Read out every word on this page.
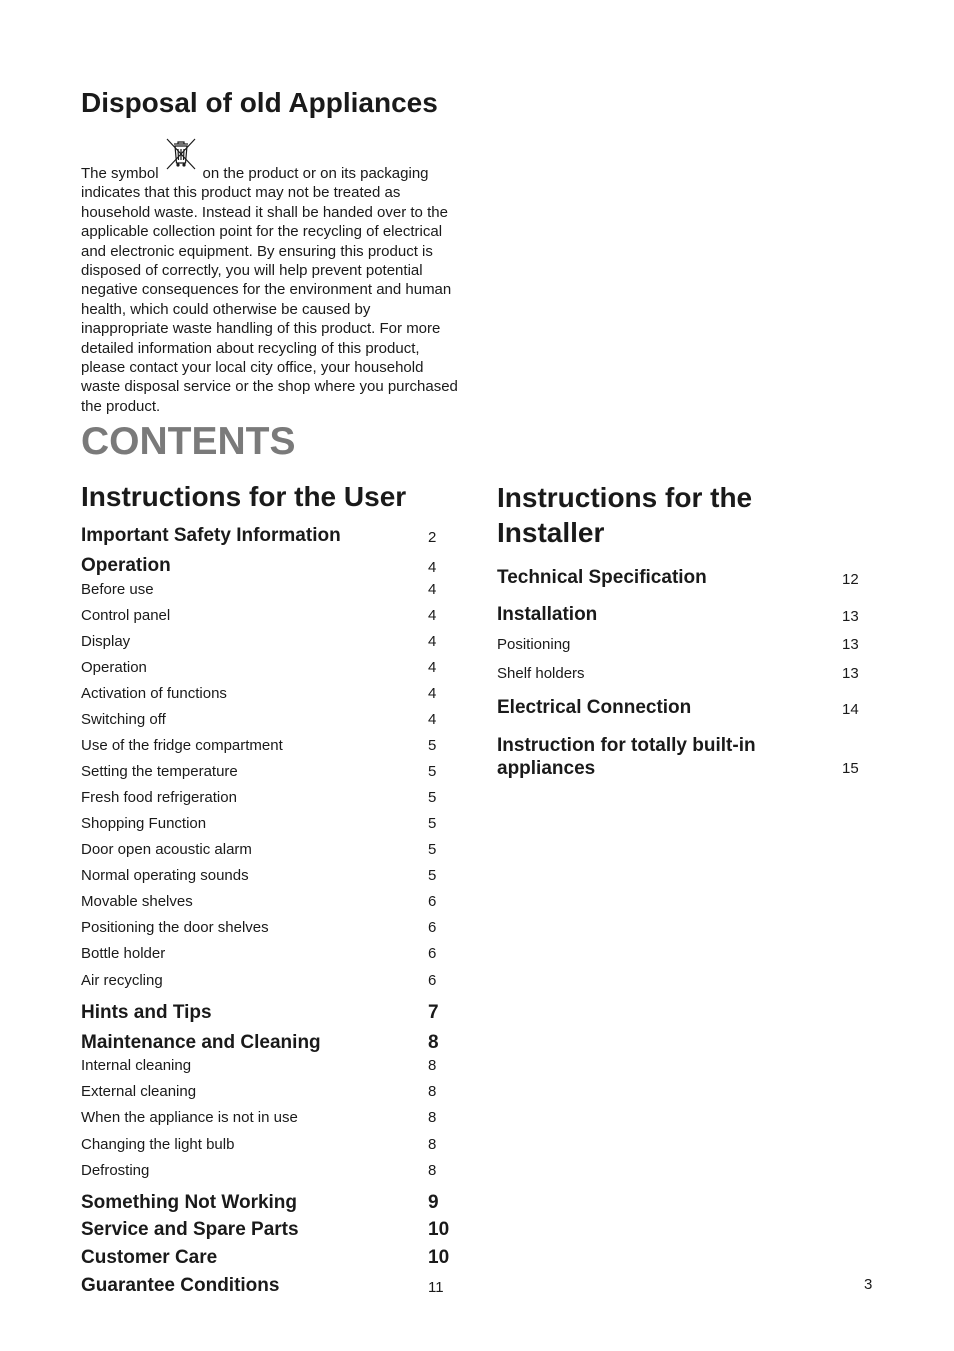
Disposal of old Appliances

The symbol	on the product or on its packaging indicates that this product may not be treated as household waste. Instead it shall be handed over to the applicable collection point for the recycling of electrical and electronic equipment. By ensuring this product is disposed of correctly, you will help prevent potential negative consequences for the environment and human health, which could otherwise be caused by inappropriate waste handling of this product. For more detailed information about recycling of this product, please contact your local city office, your household waste disposal service or the shop where you purchased the product.

CONTENTS
Instructions for the User
Important Safety Information	2
Operation	4
Before use	4
Control panel	4
Display	4
Operation	4
Activation of functions	4
Switching off	4
Use of the fridge compartment	5
Setting the temperature	5
Fresh food refrigeration	5
Shopping Function	5
Door open acoustic alarm	5
Normal operating sounds	5
Movable shelves	6
Positioning the door shelves	6
Bottle holder	6
Air recycling	6
Hints and Tips	7
Maintenance and Cleaning	8
Internal cleaning	8
External cleaning	8
When the appliance is not in use	8
Changing the light bulb	8
Defrosting	8
Something Not Working	9
Service and Spare Parts	10
Customer Care	10
Guarantee Conditions	11
Instructions for the Installer
Technical Specification	12
Installation	13
Positioning	13
Shelf holders	13
Electrical Connection	14
Instruction for totally built-in appliances	15
3
